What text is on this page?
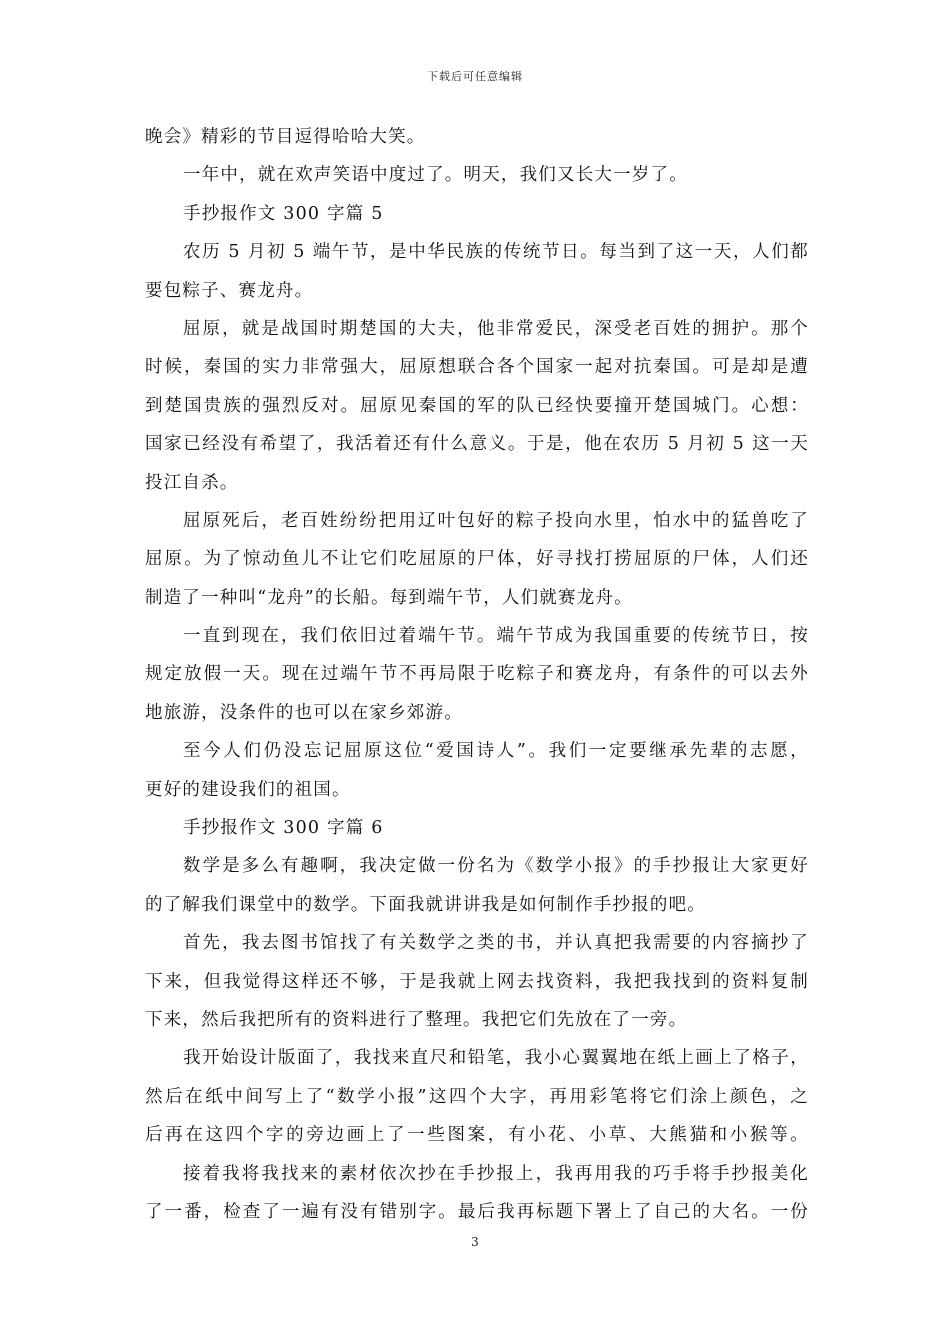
下载后可任意编辑
晚会》精彩的节目逗得哈哈大笑。
一年中，就在欢声笑语中度过了。明天，我们又长大一岁了。
手抄报作文 300 字篇 5
农历 5 月初 5 端午节，是中华民族的传统节日。每当到了这一天，人们都
要包粽子、赛龙舟。
屈原，就是战国时期楚国的大夫，他非常爱民，深受老百姓的拥护。那个
时候，秦国的实力非常强大，屈原想联合各个国家一起对抗秦国。可是却是遭
到楚国贵族的强烈反对。屈原见秦国的军的队已经快要撞开楚国城门。心想：
国家已经没有希望了，我活着还有什么意义。于是，他在农历 5 月初 5 这一天
投江自杀。
屈原死后，老百姓纷纷把用辽叶包好的粽子投向水里，怕水中的猛兽吃了
屈原。为了惊动鱼儿不让它们吃屈原的尸体，好寻找打捞屈原的尸体，人们还
制造了一种叫“龙舟”的长船。每到端午节，人们就赛龙舟。
一直到现在，我们依旧过着端午节。端午节成为我国重要的传统节日，按
规定放假一天。现在过端午节不再局限于吃粽子和赛龙舟，有条件的可以去外
地旅游，没条件的也可以在家乡郊游。
至今人们仍没忘记屈原这位“爱国诗人”。我们一定要继承先辈的志愿，
更好的建设我们的祖国。
手抄报作文 300 字篇 6
数学是多么有趣啊，我决定做一份名为《数学小报》的手抄报让大家更好
的了解我们课堂中的数学。下面我就讲讲我是如何制作手抄报的吧。
首先，我去图书馆找了有关数学之类的书，并认真把我需要的内容摘抄了
下来，但我觉得这样还不够，于是我就上网去找资料，我把我找到的资料复制
下来，然后我把所有的资料进行了整理。我把它们先放在了一旁。
我开始设计版面了，我找来直尺和铅笔，我小心翼翼地在纸上画上了格子，
然后在纸中间写上了“数学小报”这四个大字，再用彩笔将它们涂上颜色，之
后再在这四个字的旁边画上了一些图案，有小花、小草、大熊猫和小猴等。
接着我将我找来的素材依次抄在手抄报上，我再用我的巧手将手抄报美化
了一番，检查了一遍有没有错别字。最后我再标题下署上了自己的大名。一份
3
